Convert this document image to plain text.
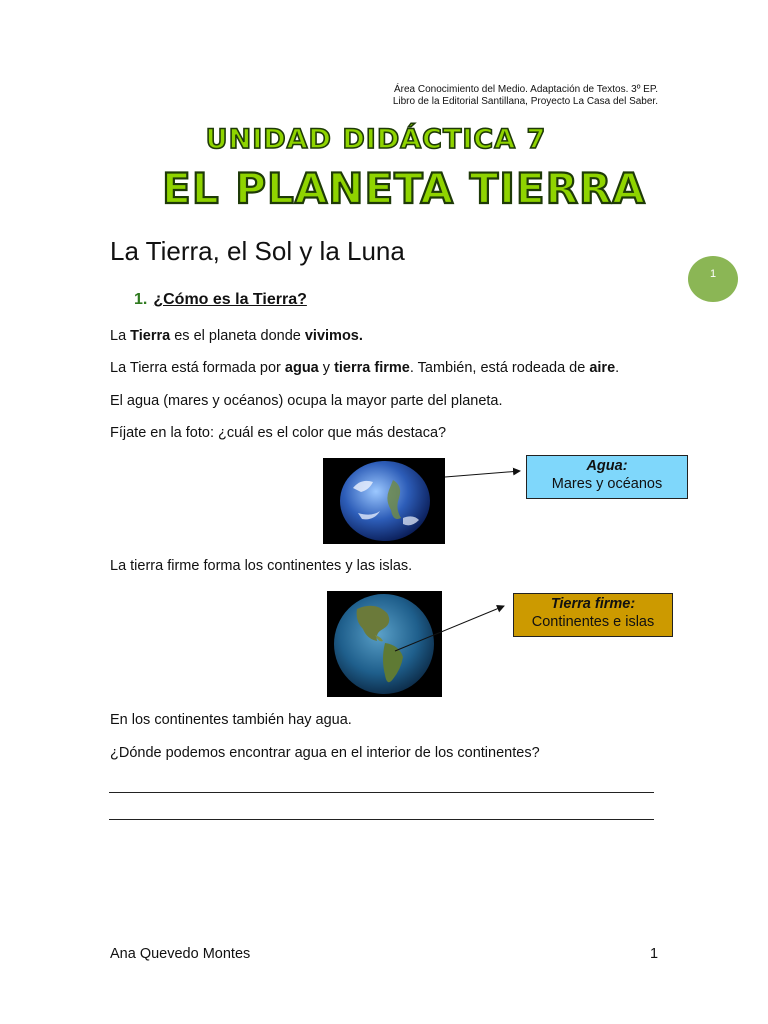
Área Conocimiento del Medio. Adaptación de Textos. 3º EP.
Libro de la Editorial Santillana, Proyecto La Casa del Saber.
UNIDAD DIDÁCTICA 7
EL PLANETA TIERRA
La Tierra, el Sol y la Luna
1
1. ¿Cómo es la Tierra?
La Tierra es el planeta donde vivimos.
La Tierra está formada por agua y tierra firme. También, está rodeada de aire.
El agua (mares y océanos) ocupa la mayor parte del planeta.
Fíjate en la foto: ¿cuál es el color que más destaca?
Agua:
Mares y océanos
La tierra firme forma los continentes y las islas.
Tierra firme:
Continentes e islas
En los continentes también hay agua.
¿Dónde podemos encontrar agua en el interior de los continentes?
Ana Quevedo Montes	1
